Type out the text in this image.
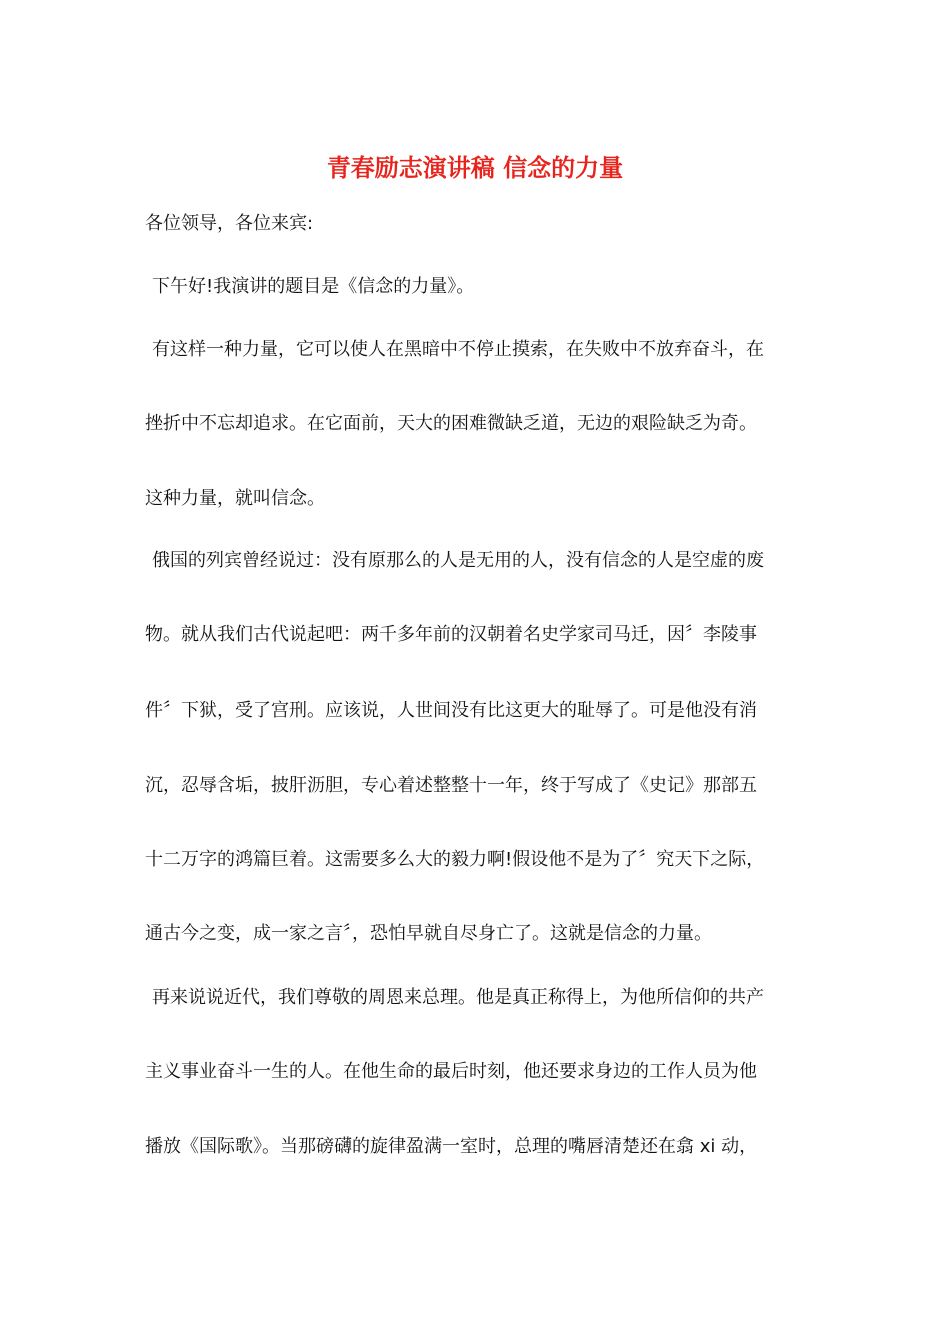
青春励志演讲稿 信念的力量

各位领导，各位来宾:

下午好!我演讲的题目是《信念的力量》。

有这样一种力量，它可以使人在黑暗中不停止摸索，在失败中不放弃奋斗，在

挫折中不忘却追求。在它面前，天大的困难微缺乏道，无边的艰险缺乏为奇。

这种力量，就叫信念。

俄国的列宾曾经说过：没有原那么的人是无用的人，没有信念的人是空虚的废

物。就从我们古代说起吧：两千多年前的汉朝着名史学家司马迁，因〞李陵事

件〞下狱，受了宫刑。应该说，人世间没有比这更大的耻辱了。可是他没有消

沉，忍辱含垢，披肝沥胆，专心着述整整十一年，终于写成了《史记》那部五

十二万字的鸿篇巨着。这需要多么大的毅力啊!假设他不是为了〞究天下之际，

通古今之变，成一家之言〞，恐怕早就自尽身亡了。这就是信念的力量。

再来说说近代，我们尊敬的周恩来总理。他是真正称得上，为他所信仰的共产

主义事业奋斗一生的人。在他生命的最后时刻，他还要求身边的工作人员为他

播放《国际歌》。当那磅礴的旋律盈满一室时，总理的嘴唇清楚还在翕 xi 动，
